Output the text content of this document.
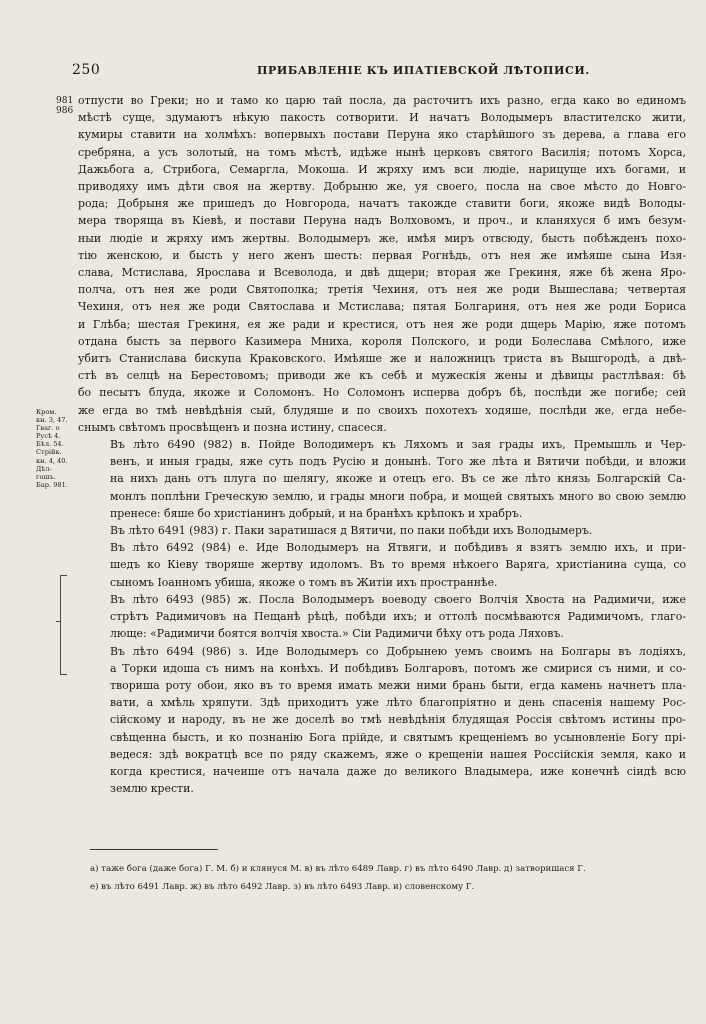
250	ПРИБАВЛЕНІЕ КЪ ИПАТІЕВСКОЙ ЛѢТОПИСИ.
981
986
Кром.
кн. 3, 47.
Гваг. о
Русѣ 4.
Бѣл. 54.
Стрійк.
кн. 4, 40.
Дѣл-
гошъ.
Бар. 981.

отпусти во Греки; но и тамо ко царю тай посла, да расточитъ ихъ разно, егда како во единомъ
мѣстѣ суще, здумаютъ нѣкую пакость сотворити. И начатъ Володымеръ властителско жити,
кумиры ставити на холмѣхъ: вопервыхъ постави Перуна яко старѣйшого зъ дерева, а глава его
сребряна, а усъ золотый, на томъ мѣстѣ, идѣже нынѣ церковъ святого Василія; потомъ Хорса,
Дажьбога а, Стрибога, Семаргла, Мокоша. И жряху имъ вси людіе, нарицуще ихъ богами, и
приводяху имъ дѣти своя на жертву. Добрыню же, уя своего, посла на свое мѣсто до Новго-
рода; Добрыня же пришедъ до Новгорода, начатъ такожде ставити боги, якоже видѣ Володы-
мера творяща въ Кіевѣ, и постави Перуна надъ Волховомъ, и проч., и кланяхуся б имъ безум-
ныи людіе и жряху имъ жертвы. Володымеръ же, имѣя миръ отвсюду, бысть побѣжденъ похо-
тію женскою, и бысть у него женъ шесть: первая Рогнѣдь, отъ нея же имѣяше сына Изя-
слава, Мстислава, Ярослава и Всеволода, и двѣ дщери; вторая же Грекиня, яже бѣ жена Яро-
полча, отъ нея же роди Святополка; третія Чехиня, отъ нея же роди Вышеслава; четвертая
Чехиня, отъ нея же роди Святослава и Мстислава; пятая Болгариня, отъ нея же роди Бориса
и Глѣба; шестая Грекиня, ея же ради и крестися, отъ нея же роди дщерь Марію, яже потомъ
отдана бысть за первого Казимера Мниха, короля Полского, и роди Болеслава Смѣлого, иже
убитъ Станислава бискупа Краковского. Имѣяше же и наложницъ триста въ Вышгородѣ, а двѣ-
стѣ въ селцѣ на Берестовомъ; приводи же къ себѣ и мужескія жены и дѣвицы растлѣвая: бѣ
бо песытъ блуда, якоже и Соломонъ. Но Соломонъ исперва добръ бѣ, послѣди же погибе; сей
же егда во тмѣ невѣдѣнія сый, блудяше и по своихъ похотехъ ходяше, послѣди же, егда небе-
снымъ свѣтомъ просвѣщенъ и позна истину, спасеся.

Въ лѣто 6490 (982) в. Пойде Володимеръ къ Ляхомъ и зая грады ихъ, Премышль и Чер-
венъ, и иныя грады, яже суть подъ Русію и донынѣ. Того же лѣта и Вятичи побѣди, и вложи
на нихъ дань отъ плуга по шелягу, якоже и отецъ его. Въ се же лѣто князь Болгарскій Са-
монлъ поплѣни Греческую землю, и грады многи побра, и мощей святыхъ много во свою землю
пренесе: бяше бо христіанинъ добрый, и на бранѣхъ крѣпокъ и храбръ.

Въ лѣто 6491 (983) г. Паки заратишася д Вятичи, по паки побѣди ихъ Володымеръ.

Въ лѣто 6492 (984) е. Иде Володымеръ на Ятвяги, и побѣдивъ я взятъ землю ихъ, и при-
шедъ ко Кіеву творяше жертву идоломъ. Въ то время нѣкоего Варяга, христіанина суща, со
сыномъ Іоанномъ убиша, якоже о томъ въ Житіи ихъ пространнѣе.

Въ лѣто 6493 (985) ж. Посла Володымеръ воеводу своего Волчія Хвоста на Радимичи, иже
стрѣтъ Радимичовъ на Пещанѣ рѣцѣ, побѣди ихъ; и оттолѣ посмѣваются Радимичомъ, глаго-
люще: «Радимичи боятся волчія хвоста.» Сіи Радимичи бѣху отъ рода Ляховъ.

Въ лѣто 6494 (986) з. Иде Володымеръ со Добрынею уемъ своимъ на Болгары въ лодіяхъ,
а Торки идоша съ нимъ на конѣхъ. И побѣдивъ Болгаровъ, потомъ же смирися съ ними, и со-
твориша роту обои, яко въ то время имать межи ними брань быти, егда камень начнетъ пла-
вати, а хмѣль хряпути. Здѣ приходитъ уже лѣто благопріятно и день спасенія нашему Рос-
сійскому и народу, въ не же доселѣ во тмѣ невѣдѣнія блудящая Россія свѣтомъ истины про-
свѣщенна бысть, и ко познанію Бога прійде, и святымъ крещеніемъ во усыновленіе Богу прі-
ведеся: здѣ вократцѣ все по ряду скажемъ, яже о крещеніи нашея Россійскія земля, како и
когда крестися, начеише отъ начала даже до великого Владымера, иже конечнѣ сіидѣ всю
землю крести.

а) таже бога (даже бога) Г. М. б) и клянуся М. в) въ лѣто 6489 Лавр. г) въ лѣто 6490 Лавр. д) затворишася Г.
е) въ лѣто 6491 Лавр. ж) въ лѣто 6492 Лавр. з) въ лѣто 6493 Лавр. и) словенскому Г.
